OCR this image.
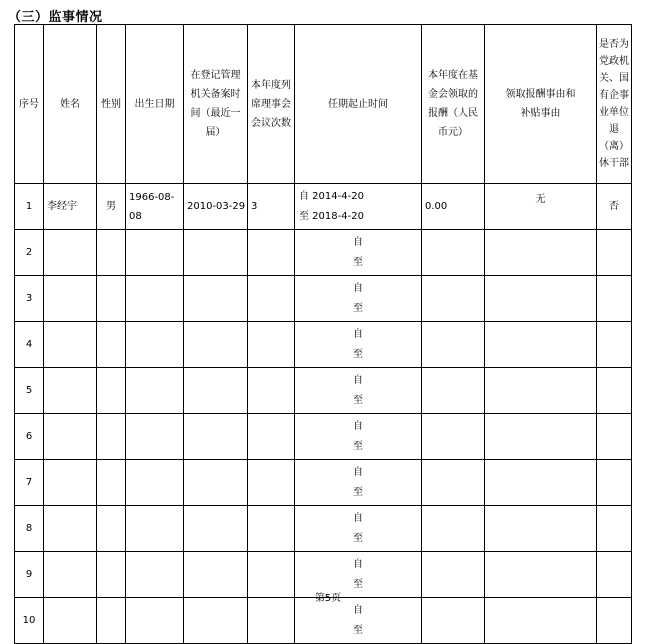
（三）监事情况
序号	姓名	性别	出生日期	在登记管理机关备案时间（最近一届）	本年度列席理事会会议次数	任期起止时间	本年度在基金会领取的报酬（人民币元）	领取报酬事由和补贴事由	是否为党政机关、国有企事业单位退（离）休干部
1	李经宇	男	1966-08-08	2010-03-29	3	自 2014-4-20
至 2018-4-20	0.00	无	否
2						自
至			

3						自
至			

4						自
至			

5						自
至			

6						自
至			

7						自
至			

8						自
至			

9						自
至			

10						自
至			

第5页
